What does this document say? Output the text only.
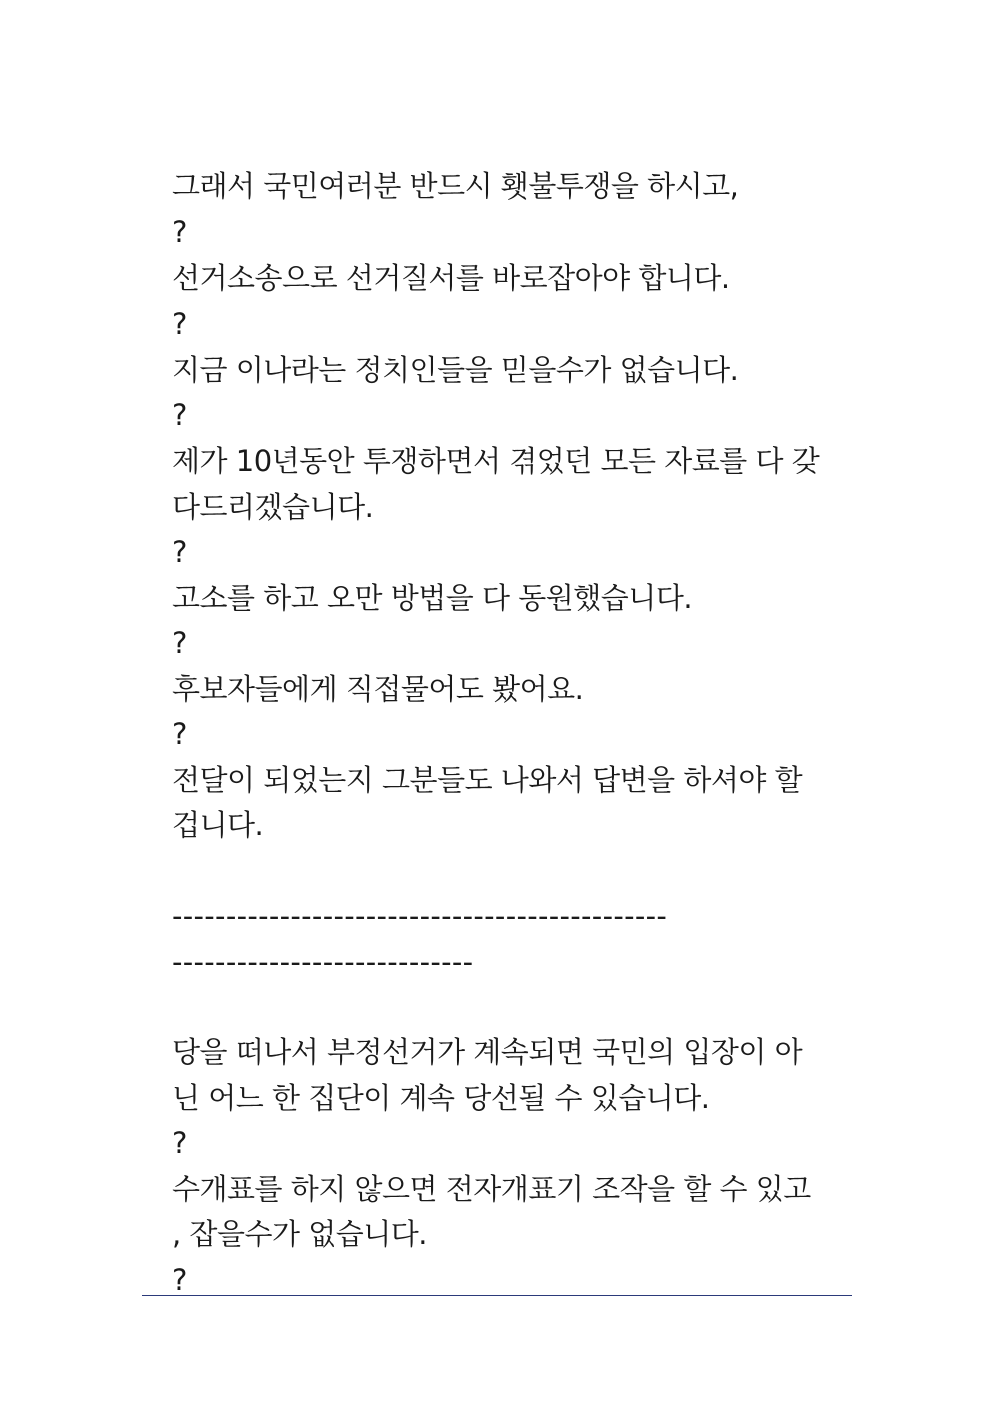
그래서 국민여러분 반드시 횃불투쟁을 하시고,
?
선거소송으로 선거질서를 바로잡아야 합니다.
?
지금 이나라는 정치인들을 믿을수가 없습니다.
?
제가 10년동안 투쟁하면서 겪었던 모든 자료를 다 갖
다드리겠습니다.
?
고소를 하고 오만 방법을 다 동원했습니다.
?
후보자들에게 직접물어도 봤어요.
?
전달이 되었는지 그분들도 나와서 답변을 하셔야 할
겁니다.
----------------------------------------------
----------------------------
당을 떠나서 부정선거가 계속되면 국민의 입장이 아
닌 어느 한 집단이 계속 당선될 수 있습니다.
?
수개표를 하지 않으면 전자개표기 조작을 할 수 있고
, 잡을수가 없습니다.
?
